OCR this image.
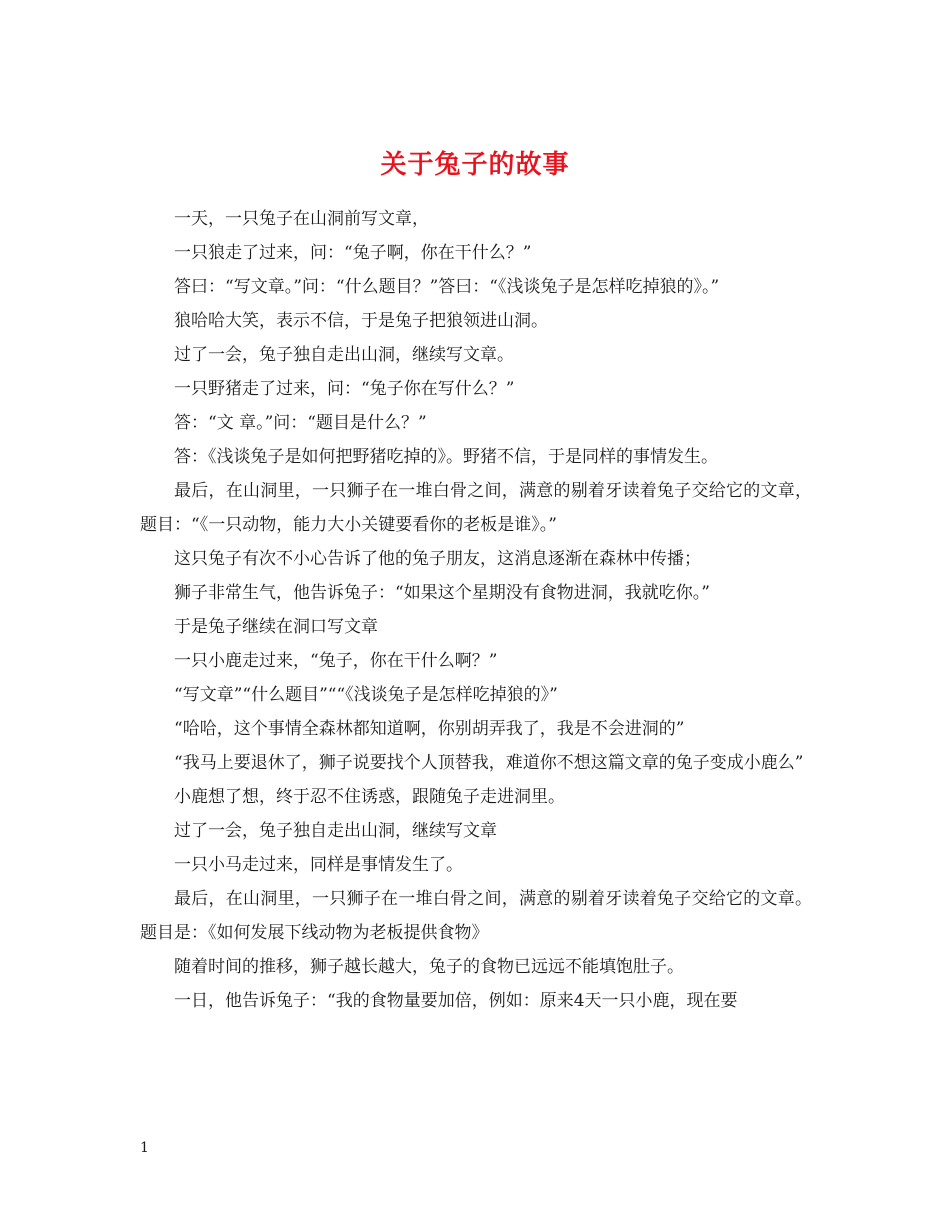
关于兔子的故事

一天，一只兔子在山洞前写文章，

一只狼走了过来，问：“兔子啊，你在干什么？”

答曰：“写文章。”问：“什么题目？”答曰：“《浅谈兔子是怎样吃掉狼的》。”

狼哈哈大笑，表示不信，于是兔子把狼领进山洞。

过了一会，兔子独自走出山洞，继续写文章。

一只野猪走了过来，问：“兔子你在写什么？”

答：“文 章。”问：“题目是什么？”

答：《浅谈兔子是如何把野猪吃掉的》。野猪不信，于是同样的事情发生。

最后，在山洞里，一只狮子在一堆白骨之间，满意的剔着牙读着兔子交给它的文章，题目：“《一只动物，能力大小关键要看你的老板是谁》。”

这只兔子有次不小心告诉了他的兔子朋友，这消息逐渐在森林中传播；

狮子非常生气，他告诉兔子：“如果这个星期没有食物进洞，我就吃你。”

于是兔子继续在洞口写文章

一只小鹿走过来，“兔子，你在干什么啊？”

“写文章”“什么题目”““《浅谈兔子是怎样吃掉狼的》”

“哈哈，这个事情全森林都知道啊，你别胡弄我了，我是不会进洞的”

“我马上要退休了，狮子说要找个人顶替我，难道你不想这篇文章的兔子变成小鹿么”

小鹿想了想，终于忍不住诱惑，跟随兔子走进洞里。

过了一会，兔子独自走出山洞，继续写文章

一只小马走过来，同样是事情发生了。

最后，在山洞里，一只狮子在一堆白骨之间，满意的剔着牙读着兔子交给它的文章。题目是：《如何发展下线动物为老板提供食物》

随着时间的推移，狮子越长越大，兔子的食物已远远不能填饱肚子。

一日，他告诉兔子：“我的食物量要加倍，例如：原来4天一只小鹿，现在要

1
